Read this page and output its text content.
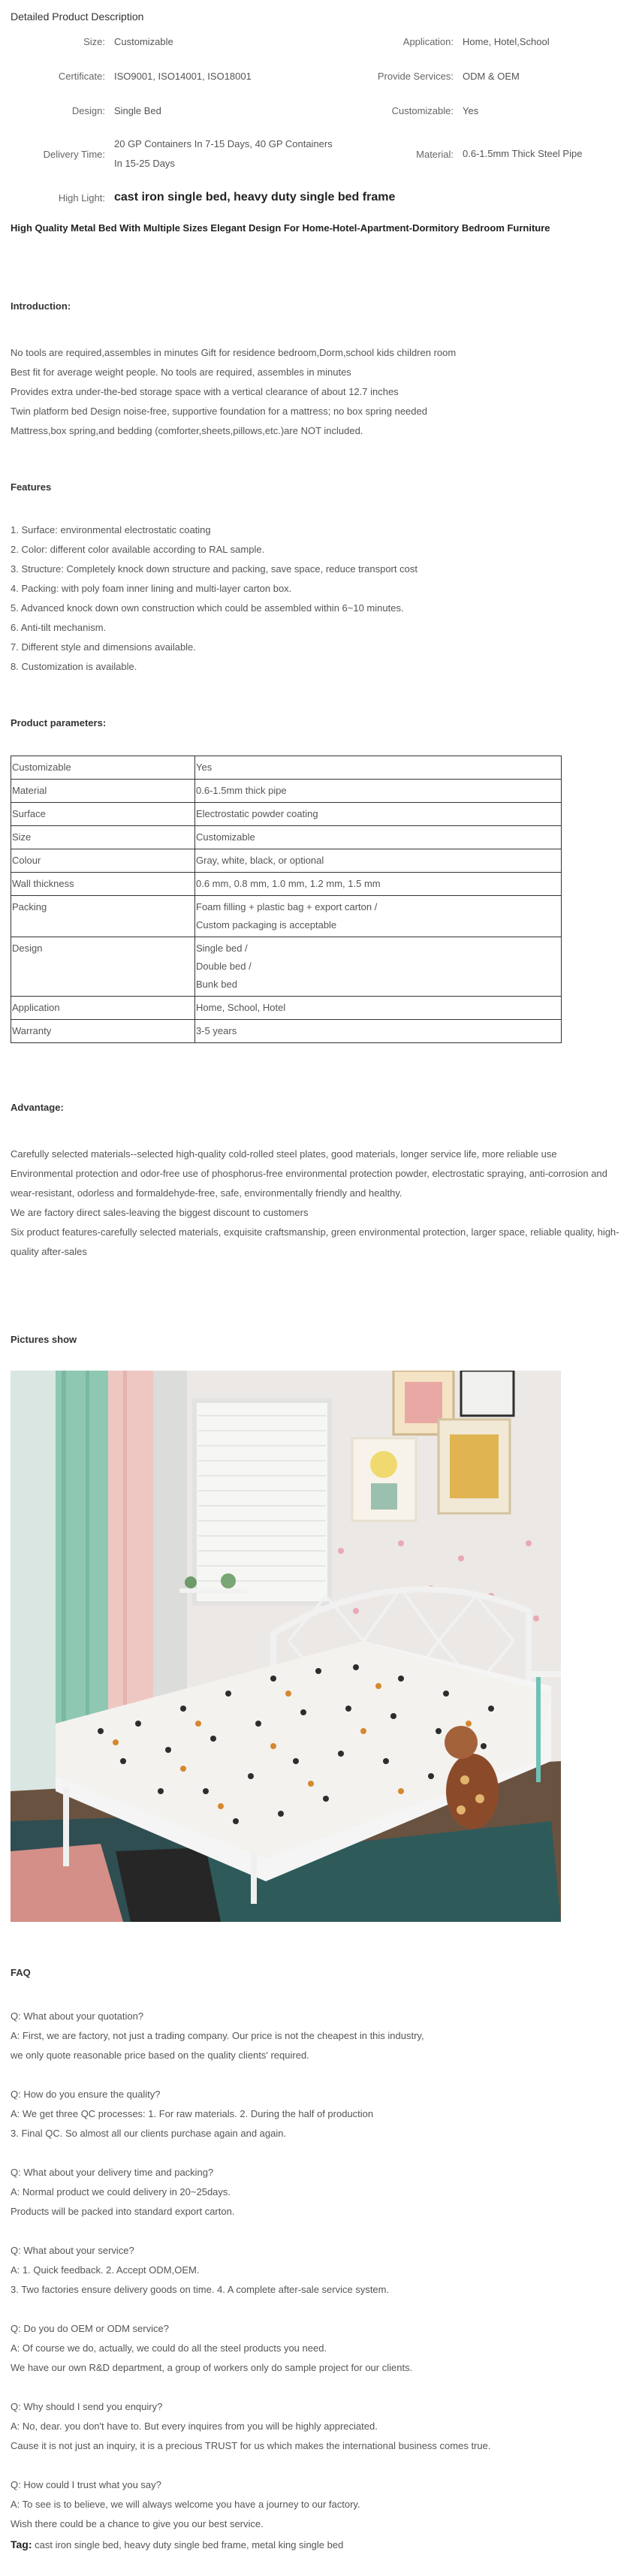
Detailed Product Description
Size:	Customizable	Application:	Home, Hotel,School
Certificate:	ISO9001, ISO14001, ISO18001	Provide Services:	ODM & OEM
Design:	Single Bed	Customizable:	Yes
Delivery Time:	20 GP Containers In 7-15 Days, 40 GP Containers In 15-25 Days	Material:	0.6-1.5mm Thick Steel Pipe
High Light:	cast iron single bed, heavy duty single bed frame		
High Quality Metal Bed With Multiple Sizes Elegant Design For Home-Hotel-Apartment-Dormitory Bedroom Furniture

Introduction:

No tools are required,assembles in minutes Gift for residence bedroom,Dorm,school kids children room

Best fit for average weight people. No tools are required, assembles in minutes

Provides extra under-the-bed storage space with a vertical clearance of about 12.7 inches

Twin platform bed Design noise-free, supportive foundation for a mattress; no box spring needed

Mattress,box spring,and bedding (comforter,sheets,pillows,etc.)are NOT included.

Features

1. Surface: environmental electrostatic coating
2. Color: different color available according to RAL sample.
3. Structure: Completely knock down structure and packing, save space, reduce transport cost
4. Packing: with poly foam inner lining and multi-layer carton box.
5. Advanced knock down own construction which could be assembled within 6~10 minutes.
6. Anti-tilt mechanism.
7. Different style and dimensions available.
8. Customization is available.

Product parameters:

Customizable	Yes
Material	0.6-1.5mm thick pipe
Surface	Electrostatic powder coating
Size	Customizable
Colour	Gray, white, black, or optional
Wall thickness	0.6 mm, 0.8 mm, 1.0 mm, 1.2 mm, 1.5 mm
Packing	Foam filling + plastic bag + export carton /
Custom packaging is acceptable

Design	Single bed /
Double bed /
Bunk bed

Application	Home, School, Hotel
Warranty	3-5 years

Advantage:

Carefully selected materials--selected high-quality cold-rolled steel plates, good materials, longer service life, more reliable use

Environmental protection and odor-free use of phosphorus-free environmental protection powder, electrostatic spraying, anti-corrosion and wear-resistant, odorless and formaldehyde-free, safe, environmentally friendly and healthy.

We are factory direct sales-leaving the biggest discount to customers

Six product features-carefully selected materials, exquisite craftsmanship, green environmental protection, larger space, reliable quality, high-quality after-sales

Pictures show

FAQ

Q: What about your quotation?

A: First, we are factory, not just a trading company. Our price is not the cheapest in this industry,

we only quote reasonable price based on the quality clients' required.

Q: How do you ensure the quality?

A: We get three QC processes: 1. For raw materials. 2. During the half of production

3. Final QC. So almost all our clients purchase again and again.

Q: What about your delivery time and packing?

A: Normal product we could delivery in 20~25days.

Products will be packed into standard export carton.

Q: What about your service?

A: 1. Quick feedback. 2. Accept ODM,OEM.

3. Two factories ensure delivery goods on time. 4. A complete after-sale service system.

Q: Do you do OEM or ODM service?

A: Of course we do, actually, we could do all the steel products you need.

We have our own R&D department, a group of workers only do sample project for our clients.

Q: Why should I send you enquiry?

A: No, dear. you don't have to. But every inquires from you will be highly appreciated.

Cause it is not just an inquiry, it is a precious TRUST for us which makes the international business comes true.

Q: How could I trust what you say?

A: To see is to believe, we will always welcome you have a journey to our factory.

Wish there could be a chance to give you our best service.

Tag: cast iron single bed, heavy duty single bed frame, metal king single bed
